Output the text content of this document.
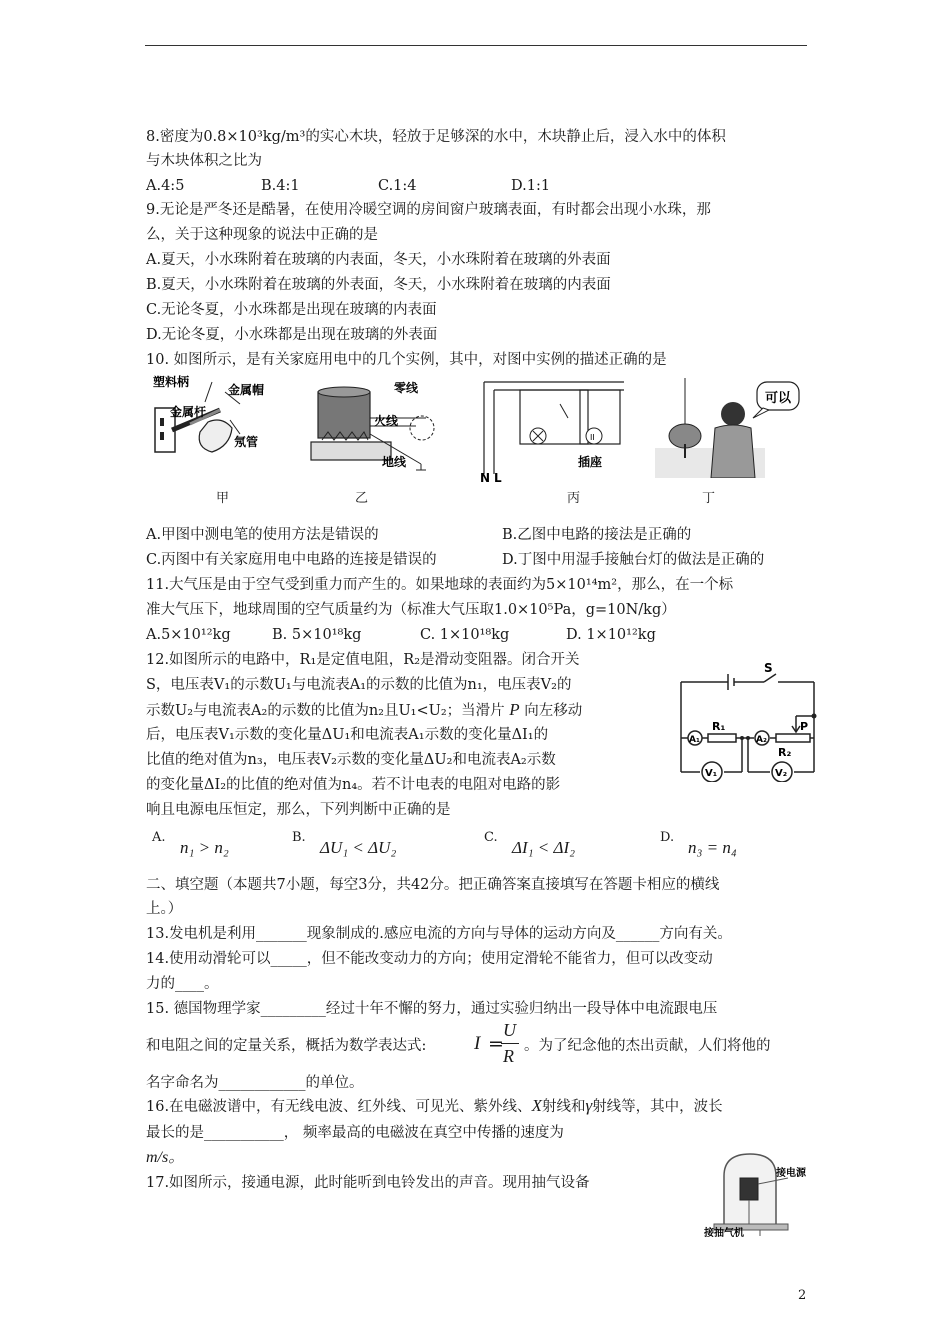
8.密度为0.8×10³kg/m³的实心木块，轻放于足够深的水中，木块静止后，浸入水中的体积
与木块体积之比为
A.4:5	B.4:1	C.1:4	D.1:1
9.无论是严冬还是酷暑，在使用冷暖空调的房间窗户玻璃表面，有时都会出现小水珠，那
么，关于这种现象的说法中正确的是
A.夏天，小水珠附着在玻璃的内表面，冬天，小水珠附着在玻璃的外表面
B.夏天，小水珠附着在玻璃的外表面，冬天，小水珠附着在玻璃的内表面
C.无论冬夏，小水珠都是出现在玻璃的内表面
D.无论冬夏，小水珠都是出现在玻璃的外表面
10. 如图所示，是有关家庭用电中的几个实例，其中，对图中实例的描述正确的是
塑料柄
金属帽
金属杆
氖管
甲
零线
火线
地线
乙
II
插座
N L
丙
可以
丁
A.甲图中测电笔的使用方法是错误的	B.乙图中电路的接法是正确的
C.丙图中有关家庭用电中电路的连接是错误的	D.丁图中用湿手接触台灯的做法是正确的
11.大气压是由于空气受到重力而产生的。如果地球的表面约为5×10¹⁴m²，那么，在一个标
准大气压下，地球周围的空气质量约为（标准大气压取1.0×10⁵Pa，g=10N/kg）
A.5×10¹²kg	B. 5×10¹⁸kg	C. 1×10¹⁸kg	D. 1×10¹²kg
12.如图所示的电路中，R₁是定值电阻，R₂是滑动变阻器。闭合开关
S，电压表V₁的示数U₁与电流表A₁的示数的比值为n₁，电压表V₂的
示数U₂与电流表A₂的示数的比值为n₂且U₁<U₂；当滑片 P 向左移动
后，电压表V₁示数的变化量ΔU₁和电流表A₁示数的变化量ΔI₁的
比值的绝对值为n₃，电压表V₂示数的变化量ΔU₂和电流表A₂示数
的变化量ΔI₂的比值的绝对值为n₄。若不计电表的电阻对电路的影
响且电源电压恒定，那么，下列判断中正确的是
S
R₁
R₂
P
A₁	A₂
V₁	V₂
A.
n₁ > n₂
B.
ΔU₁ < ΔU₂
C.
ΔI₁ < ΔI₂
D.
n₃ = n₄
二、填空题（本题共7小题，每空3分，共42分。把正确答案直接填写在答题卡相应的横线
上。）
13.发电机是利用_______现象制成的.感应电流的方向与导体的运动方向及______方向有关。
14.使用动滑轮可以_____，但不能改变动力的方向；使用定滑轮不能省力，但可以改变动
力的____。
15. 德国物理学家_________经过十年不懈的努力，通过实验归纳出一段导体中电流跟电压
和电阻之间的定量关系，概括为数学表达式:	I =
U
R 。为了纪念他的杰出贡献，人们将他的
名字命名为____________的单位。
16.在电磁波谱中，有无线电波、红外线、可见光、紫外线、X射线和γ射线等，其中，波长
最长的是___________， 频率最高的电磁波在真空中传播的速度为
m/s。
17.如图所示，接通电源，此时能听到电铃发出的声音。现用抽气设备
接电源
接抽气机
2
